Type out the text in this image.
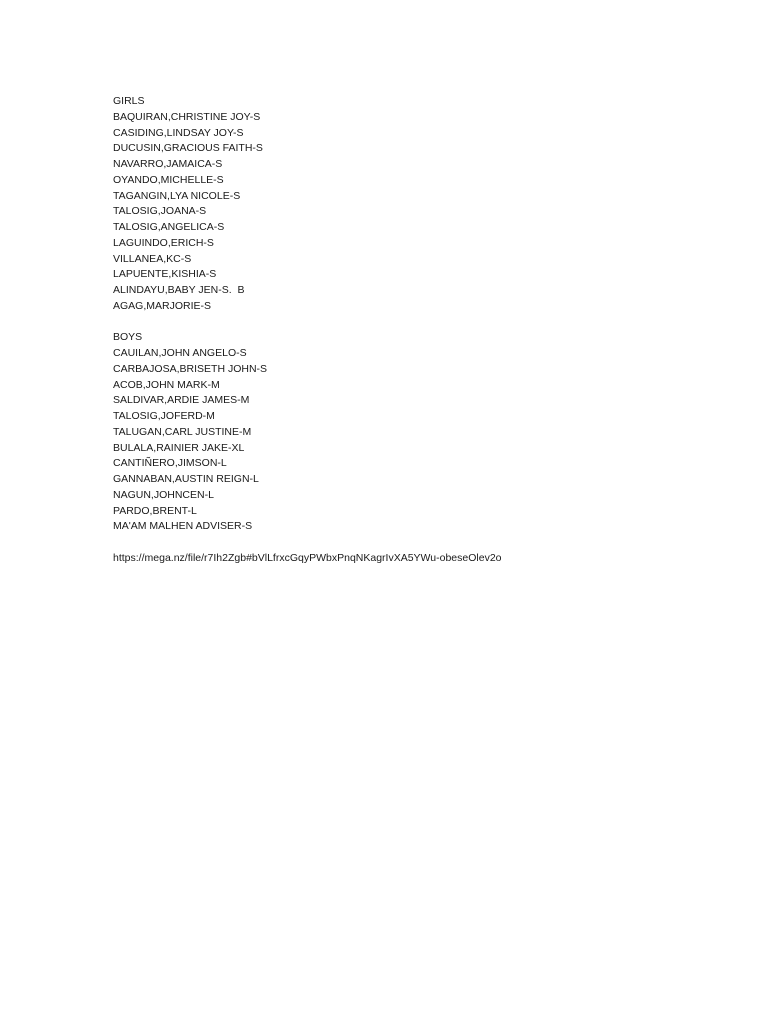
GIRLS
BAQUIRAN,CHRISTINE JOY-S
CASIDING,LINDSAY JOY-S
DUCUSIN,GRACIOUS FAITH-S
NAVARRO,JAMAICA-S
OYANDO,MICHELLE-S
TAGANGIN,LYA NICOLE-S
TALOSIG,JOANA-S
TALOSIG,ANGELICA-S
LAGUINDO,ERICH-S
VILLANEA,KC-S
LAPUENTE,KISHIA-S
ALINDAYU,BABY JEN-S.  B
AGAG,MARJORIE-S
BOYS
CAUILAN,JOHN ANGELO-S
CARBAJOSA,BRISETH JOHN-S
ACOB,JOHN MARK-M
SALDIVAR,ARDIE JAMES-M
TALOSIG,JOFERD-M
TALUGAN,CARL JUSTINE-M
BULALA,RAINIER JAKE-XL
CANTIÑERO,JIMSON-L
GANNABAN,AUSTIN REIGN-L
NAGUN,JOHNCEN-L
PARDO,BRENT-L
MA'AM MALHEN ADVISER-S
https://mega.nz/file/r7Ih2Zgb#bVlLfrxcGqyPWbxPnqNKagrIvXA5YWu-obeseOlev2o
